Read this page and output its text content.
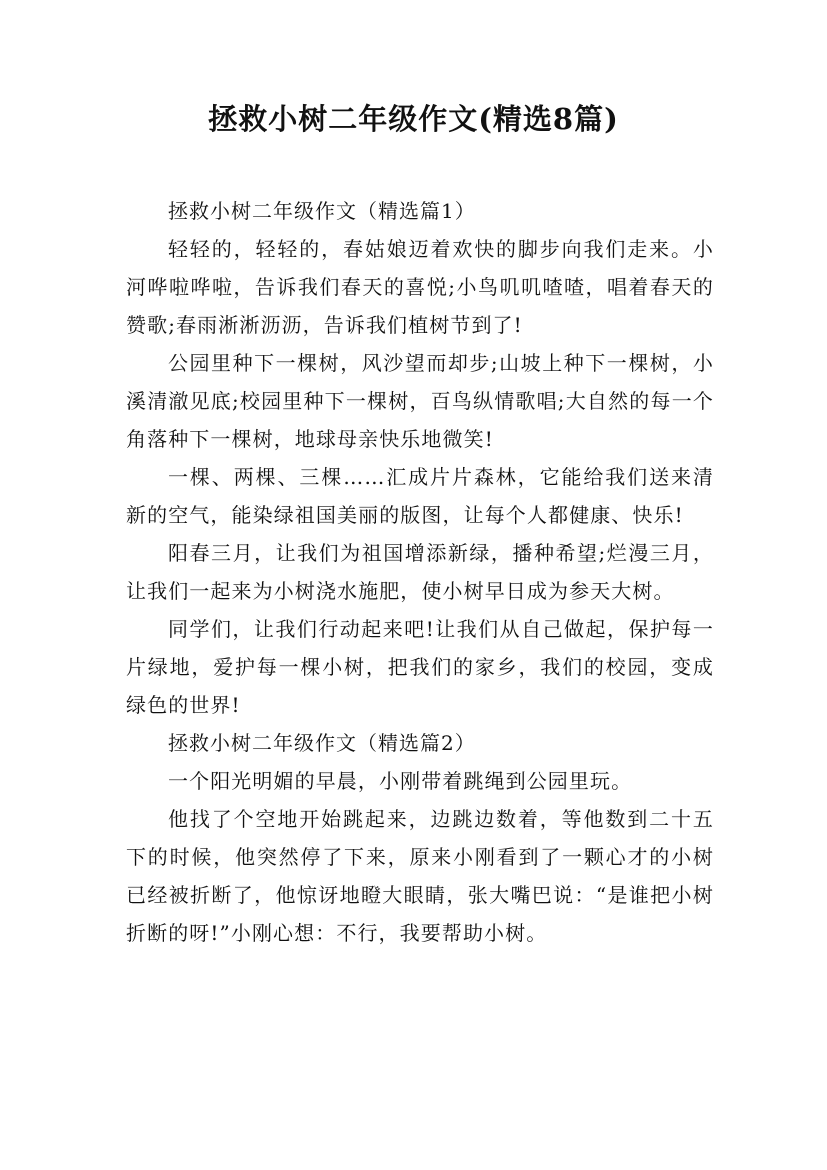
拯救小树二年级作文(精选8篇)

拯救小树二年级作文（精选篇1）

轻轻的，轻轻的，春姑娘迈着欢快的脚步向我们走来。小河哗啦哗啦，告诉我们春天的喜悦;小鸟叽叽喳喳，唱着春天的赞歌;春雨淅淅沥沥，告诉我们植树节到了!

公园里种下一棵树，风沙望而却步;山坡上种下一棵树，小溪清澈见底;校园里种下一棵树，百鸟纵情歌唱;大自然的每一个角落种下一棵树，地球母亲快乐地微笑!

一棵、两棵、三棵……汇成片片森林，它能给我们送来清新的空气，能染绿祖国美丽的版图，让每个人都健康、快乐!

阳春三月，让我们为祖国增添新绿，播种希望;烂漫三月，让我们一起来为小树浇水施肥，使小树早日成为参天大树。

同学们，让我们行动起来吧!让我们从自己做起，保护每一片绿地，爱护每一棵小树，把我们的家乡，我们的校园，变成绿色的世界!

拯救小树二年级作文（精选篇2）

一个阳光明媚的早晨，小刚带着跳绳到公园里玩。

他找了个空地开始跳起来，边跳边数着，等他数到二十五下的时候，他突然停了下来，原来小刚看到了一颗心才的小树已经被折断了，他惊讶地瞪大眼睛，张大嘴巴说：“是谁把小树折断的呀!”小刚心想：不行，我要帮助小树。
